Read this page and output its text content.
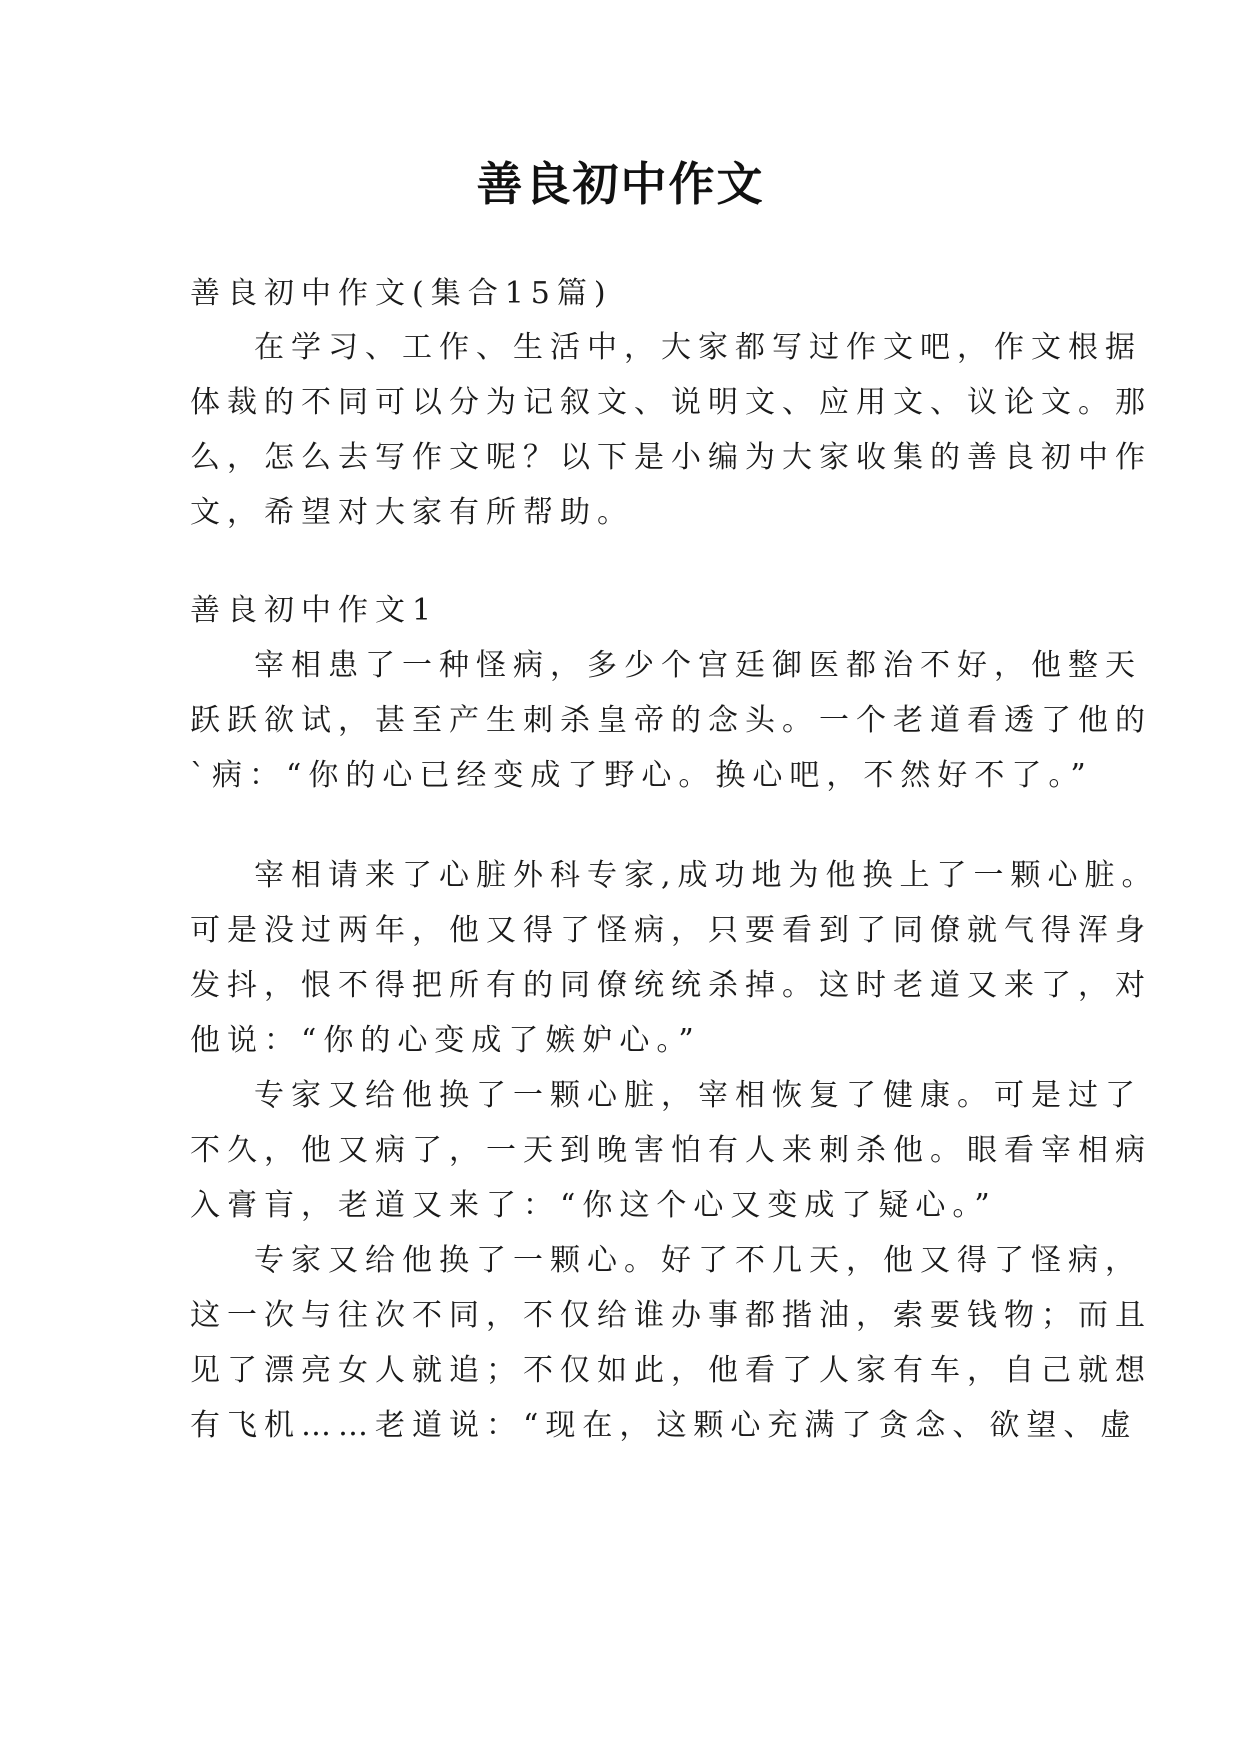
善良初中作文
善良初中作文(集合15篇)
在学习、工作、生活中，大家都写过作文吧，作文根据
体裁的不同可以分为记叙文、说明文、应用文、议论文。那
么，怎么去写作文呢？以下是小编为大家收集的善良初中作
文，希望对大家有所帮助。
善良初中作文1
宰相患了一种怪病，多少个宫廷御医都治不好，他整天
跃跃欲试，甚至产生刺杀皇帝的念头。一个老道看透了他的
`病：“你的心已经变成了野心。换心吧，不然好不了。”
宰相请来了心脏外科专家,成功地为他换上了一颗心脏。
可是没过两年，他又得了怪病，只要看到了同僚就气得浑身
发抖，恨不得把所有的同僚统统杀掉。这时老道又来了，对
他说：“你的心变成了嫉妒心。”
专家又给他换了一颗心脏，宰相恢复了健康。可是过了
不久，他又病了，一天到晚害怕有人来刺杀他。眼看宰相病
入膏肓，老道又来了：“你这个心又变成了疑心。”
专家又给他换了一颗心。好了不几天，他又得了怪病，
这一次与往次不同，不仅给谁办事都揩油，索要钱物；而且
见了漂亮女人就追；不仅如此，他看了人家有车，自己就想
有飞机……老道说：“现在，这颗心充满了贪念、欲望、虚
